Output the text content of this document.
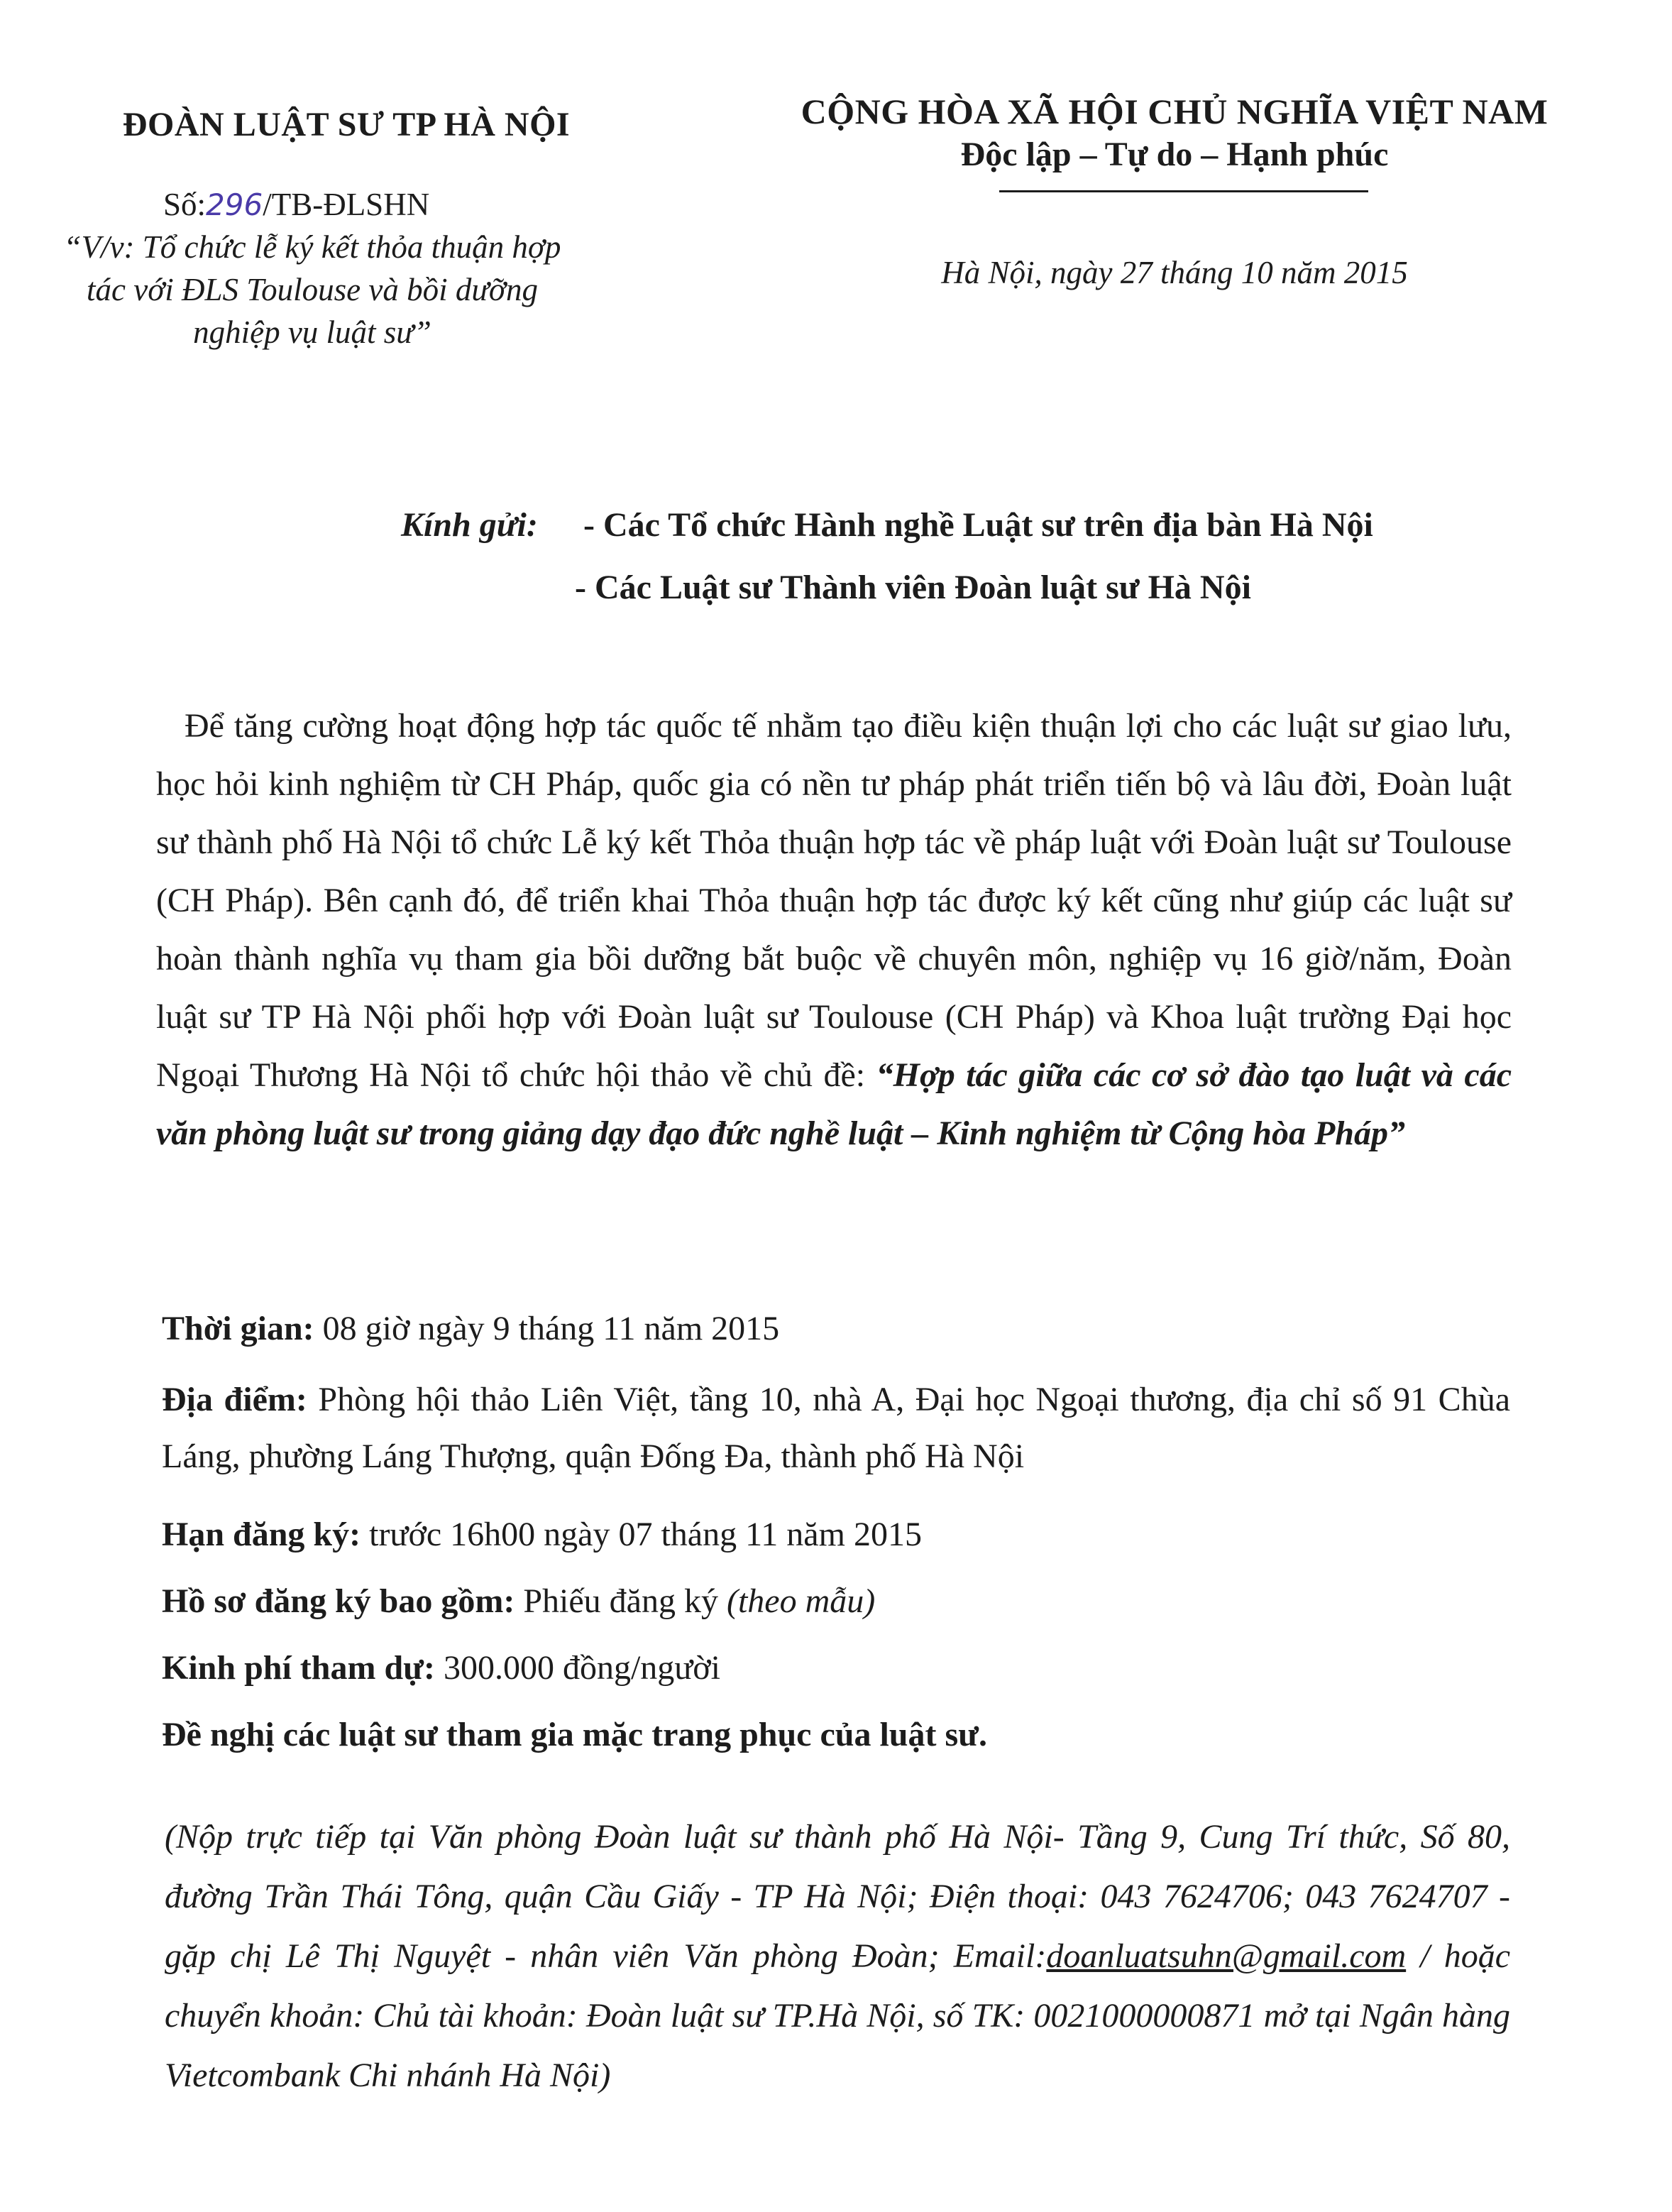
ĐOÀN LUẬT SƯ TP HÀ NỘI
Số:296/TB-ĐLSHN
“V/v: Tổ chức lễ ký kết thỏa thuận hợp tác với ĐLS Toulouse và bồi dưỡng nghiệp vụ luật sư”
CỘNG HÒA XÃ HỘI CHỦ NGHĨA VIỆT NAM
Độc lập – Tự do – Hạnh phúc
Hà Nội, ngày 27 tháng 10 năm 2015
Kính gửi: - Các Tổ chức Hành nghề Luật sư trên địa bàn Hà Nội
- Các Luật sư Thành viên Đoàn luật sư Hà Nội
Để tăng cường hoạt động hợp tác quốc tế nhằm tạo điều kiện thuận lợi cho các luật sư giao lưu, học hỏi kinh nghiệm từ CH Pháp, quốc gia có nền tư pháp phát triển tiến bộ và lâu đời, Đoàn luật sư thành phố Hà Nội tổ chức Lễ ký kết Thỏa thuận hợp tác về pháp luật với Đoàn luật sư Toulouse (CH Pháp). Bên cạnh đó, để triển khai Thỏa thuận hợp tác được ký kết cũng như giúp các luật sư hoàn thành nghĩa vụ tham gia bồi dưỡng bắt buộc về chuyên môn, nghiệp vụ 16 giờ/năm, Đoàn luật sư TP Hà Nội phối hợp với Đoàn luật sư Toulouse (CH Pháp) và Khoa luật trường Đại học Ngoại Thương Hà Nội tổ chức hội thảo về chủ đề: “Hợp tác giữa các cơ sở đào tạo luật và các văn phòng luật sư trong giảng dạy đạo đức nghề luật – Kinh nghiệm từ Cộng hòa Pháp”
Thời gian: 08 giờ ngày 9 tháng 11 năm 2015
Địa điểm: Phòng hội thảo Liên Việt, tầng 10, nhà A, Đại học Ngoại thương, địa chỉ số 91 Chùa Láng, phường Láng Thượng, quận Đống Đa, thành phố Hà Nội
Hạn đăng ký: trước 16h00 ngày 07 tháng 11 năm 2015
Hồ sơ đăng ký bao gồm: Phiếu đăng ký (theo mẫu)
Kinh phí tham dự: 300.000 đồng/người
Đề nghị các luật sư tham gia mặc trang phục của luật sư.
(Nộp trực tiếp tại Văn phòng Đoàn luật sư thành phố Hà Nội- Tầng 9, Cung Trí thức, Số 80, đường Trần Thái Tông, quận Cầu Giấy - TP Hà Nội; Điện thoại: 043 7624706; 043 7624707 - gặp chị Lê Thị Nguyệt - nhân viên Văn phòng Đoàn; Email:doanluatsuhn@gmail.com / hoặc chuyển khoản: Chủ tài khoản: Đoàn luật sư TP.Hà Nội, số TK: 0021000000871 mở tại Ngân hàng Vietcombank Chi nhánh Hà Nội)
